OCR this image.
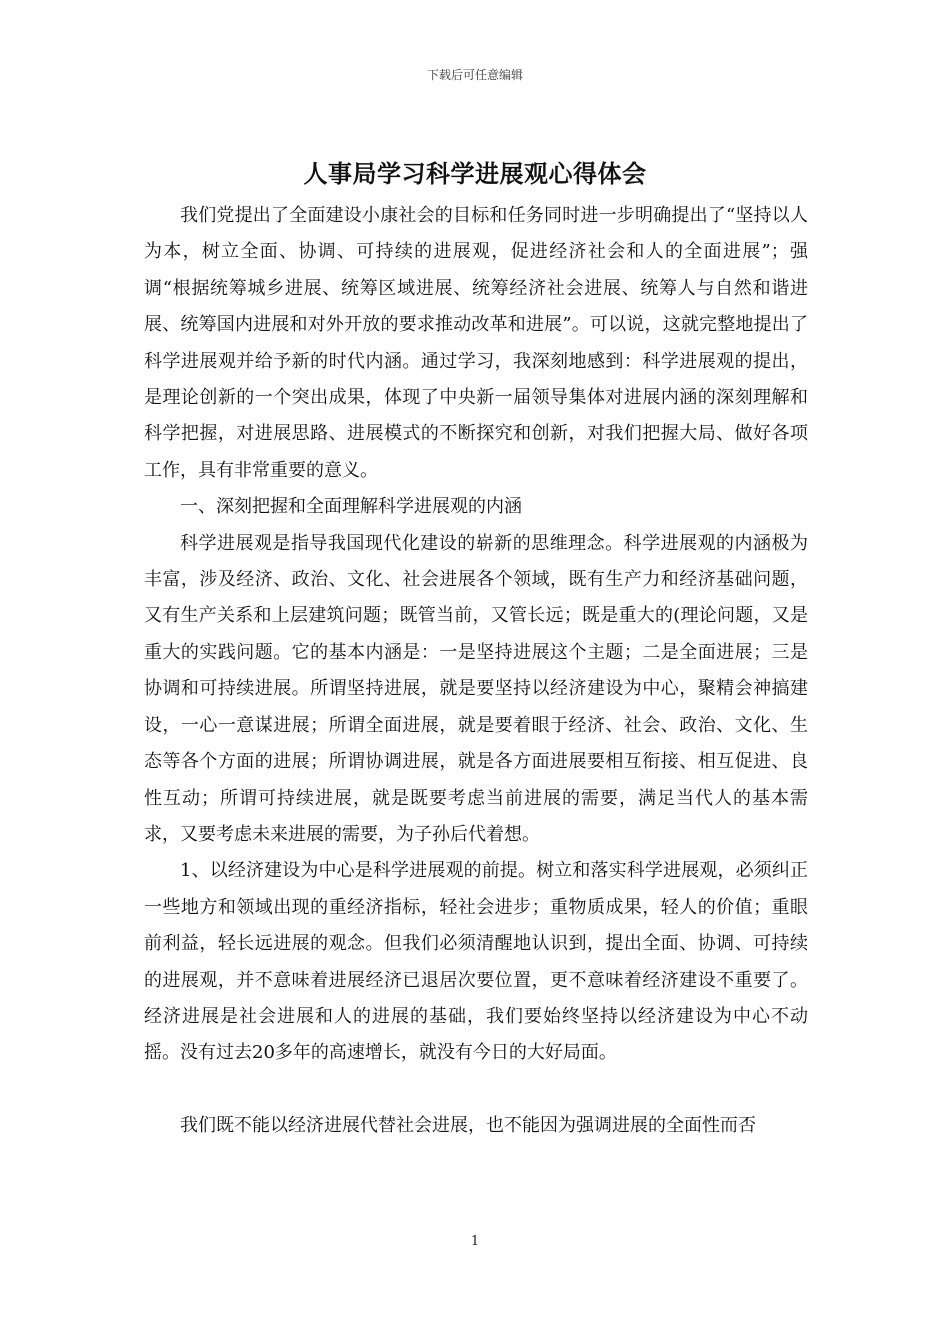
下载后可任意编辑
人事局学习科学进展观心得体会

我们党提出了全面建设小康社会的目标和任务同时进一步明确提出了“坚持以人为本，树立全面、协调、可持续的进展观，促进经济社会和人的全面进展”；强调“根据统筹城乡进展、统筹区域进展、统筹经济社会进展、统筹人与自然和谐进展、统筹国内进展和对外开放的要求推动改革和进展”。可以说，这就完整地提出了科学进展观并给予新的时代内涵。通过学习，我深刻地感到：科学进展观的提出，是理论创新的一个突出成果，体现了中央新一届领导集体对进展内涵的深刻理解和科学把握，对进展思路、进展模式的不断探究和创新，对我们把握大局、做好各项工作，具有非常重要的意义。

一、深刻把握和全面理解科学进展观的内涵

科学进展观是指导我国现代化建设的崭新的思维理念。科学进展观的内涵极为丰富，涉及经济、政治、文化、社会进展各个领域，既有生产力和经济基础问题，又有生产关系和上层建筑问题；既管当前，又管长远；既是重大的(理论问题，又是重大的实践问题。它的基本内涵是：一是坚持进展这个主题；二是全面进展；三是协调和可持续进展。所谓坚持进展，就是要坚持以经济建设为中心，聚精会神搞建设，一心一意谋进展；所谓全面进展，就是要着眼于经济、社会、政治、文化、生态等各个方面的进展；所谓协调进展，就是各方面进展要相互衔接、相互促进、良性互动；所谓可持续进展，就是既要考虑当前进展的需要，满足当代人的基本需求，又要考虑未来进展的需要，为子孙后代着想。

1、以经济建设为中心是科学进展观的前提。树立和落实科学进展观，必须纠正一些地方和领域出现的重经济指标，轻社会进步；重物质成果，轻人的价值；重眼前利益，轻长远进展的观念。但我们必须清醒地认识到，提出全面、协调、可持续的进展观，并不意味着进展经济已退居次要位置，更不意味着经济建设不重要了。经济进展是社会进展和人的进展的基础，我们要始终坚持以经济建设为中心不动摇。没有过去20多年的高速增长，就没有今日的大好局面。

我们既不能以经济进展代替社会进展，也不能因为强调进展的全面性而否

1
